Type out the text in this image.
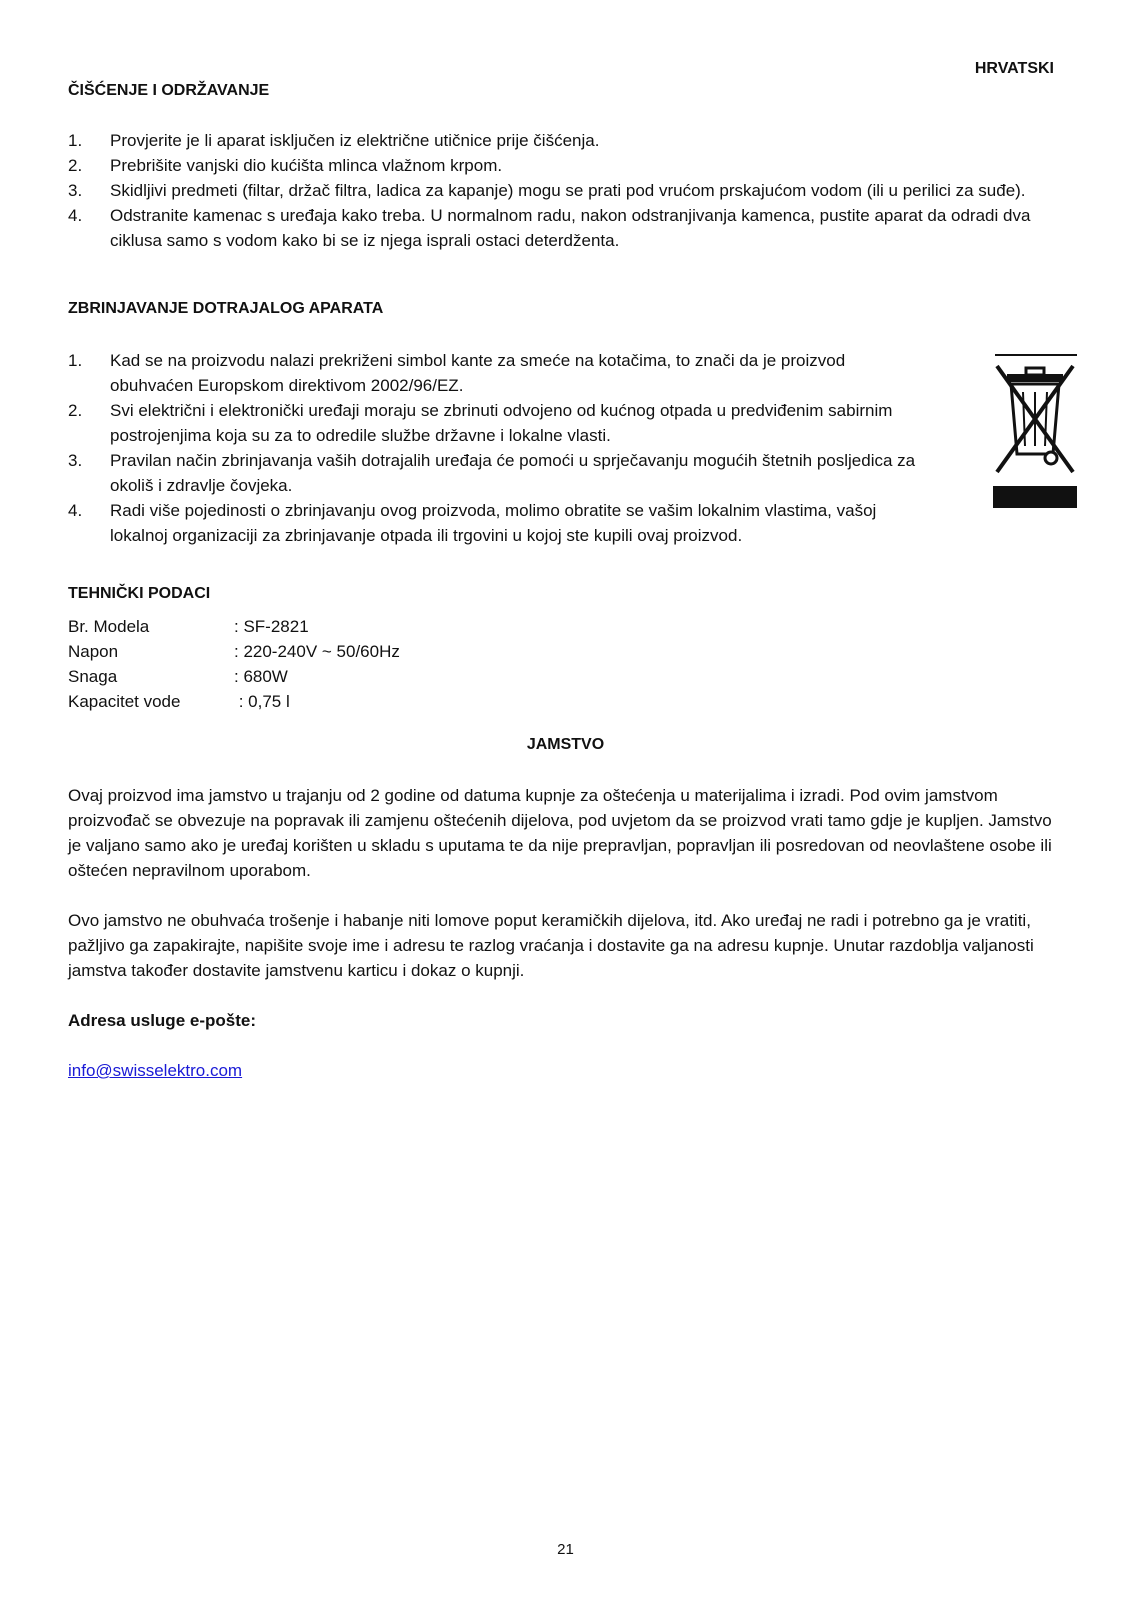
HRVATSKI
ČIŠĆENJE I ODRŽAVANJE
1. Provjerite je li aparat isključen iz električne utičnice prije čišćenja.
2. Prebrišite vanjski dio kućišta mlinca vlažnom krpom.
3. Skidljivi predmeti (filtar, držač filtra, ladica za kapanje) mogu se prati pod vrućom prskajućom vodom (ili u perilici za suđe).
4. Odstranite kamenac s uređaja kako treba. U normalnom radu, nakon odstranjivanja kamenca, pustite aparat da odradi dva ciklusa samo s vodom kako bi se iz njega isprali ostaci deterdženta.
ZBRINJAVANJE DOTRAJALOG APARATA
1. Kad se na proizvodu nalazi prekriženi simbol kante za smeće na kotačima, to znači da je proizvod obuhvaćen Europskom direktivom 2002/96/EZ.
2. Svi električni i elektronički uređaji moraju se zbrinuti odvojeno od kućnog otpada u predviđenim sabirnim postrojenjima koja su za to odredile službe državne i lokalne vlasti.
3. Pravilan način zbrinjavanja vaših dotrajalih uređaja će pomoći u sprječavanju mogućih štetnih posljedica za okoliš i zdravlje čovjeka.
4. Radi više pojedinosti o zbrinjavanju ovog proizvoda, molimo obratite se vašim lokalnim vlastima, vašoj lokalnoj organizaciji za zbrinjavanje otpada ili trgovini u kojoj ste kupili ovaj proizvod.
TEHNIČKI PODACI
Br. Modela	: SF-2821
Napon	: 220-240V ~ 50/60Hz
Snaga	: 680W
Kapacitet vode	: 0,75 l
JAMSTVO

Ovaj proizvod ima jamstvo u trajanju od 2 godine od datuma kupnje za oštećenja u materijalima i izradi. Pod ovim jamstvom proizvođač se obvezuje na popravak ili zamjenu oštećenih dijelova, pod uvjetom da se proizvod vrati tamo gdje je kupljen. Jamstvo je valjano samo ako je uređaj korišten u skladu s uputama te da nije prepravljan, popravljan ili posredovan od neovlaštene osobe ili oštećen nepravilnom uporabom.

Ovo jamstvo ne obuhvaća trošenje i habanje niti lomove poput keramičkih dijelova, itd. Ako uređaj ne radi i potrebno ga je vratiti, pažljivo ga zapakirajte, napišite svoje ime i adresu te razlog vraćanja i dostavite ga na adresu kupnje. Unutar razdoblja valjanosti jamstva također dostavite jamstvenu karticu i dokaz o kupnji.

Adresa usluge e-pošte:

info@swisselektro.com

21
